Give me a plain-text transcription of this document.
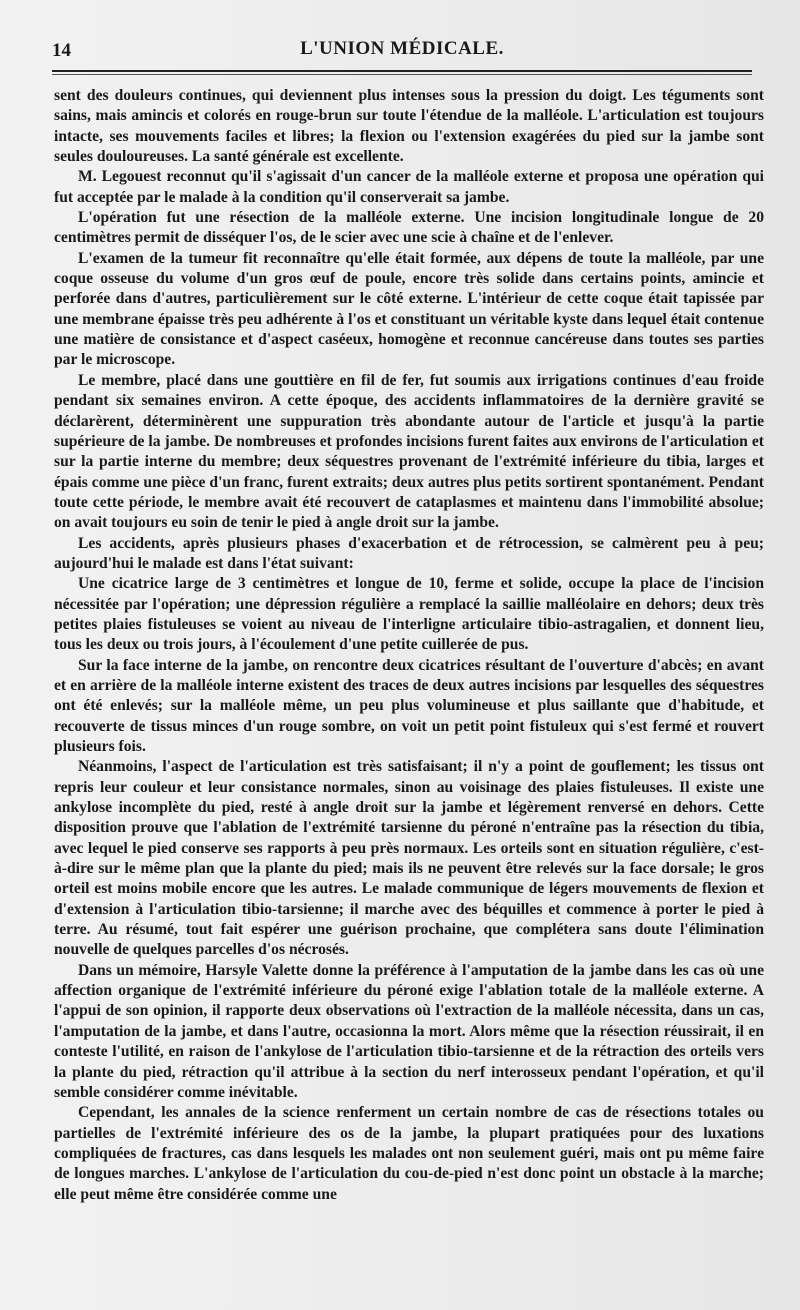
14	L'UNION MÉDICALE.

sent des douleurs continues, qui deviennent plus intenses sous la pression du doigt. Les téguments sont sains, mais amincis et colorés en rouge-brun sur toute l'étendue de la malléole. L'articulation est toujours intacte, ses mouvements faciles et libres; la flexion ou l'extension exagérées du pied sur la jambe sont seules douloureuses. La santé générale est excellente.

M. Legouest reconnut qu'il s'agissait d'un cancer de la malléole externe et proposa une opération qui fut acceptée par le malade à la condition qu'il conserverait sa jambe.

L'opération fut une résection de la malléole externe. Une incision longitudinale longue de 20 centimètres permit de disséquer l'os, de le scier avec une scie à chaîne et de l'enlever.

L'examen de la tumeur fit reconnaître qu'elle était formée, aux dépens de toute la malléole, par une coque osseuse du volume d'un gros œuf de poule, encore très solide dans certains points, amincie et perforée dans d'autres, particulièrement sur le côté externe. L'intérieur de cette coque était tapissée par une membrane épaisse très peu adhérente à l'os et constituant un véritable kyste dans lequel était contenue une matière de consistance et d'aspect caséeux, homogène et reconnue cancéreuse dans toutes ses parties par le microscope.

Le membre, placé dans une gouttière en fil de fer, fut soumis aux irrigations continues d'eau froide pendant six semaines environ. A cette époque, des accidents inflammatoires de la dernière gravité se déclarèrent, déterminèrent une suppuration très abondante autour de l'article et jusqu'à la partie supérieure de la jambe. De nombreuses et profondes incisions furent faites aux environs de l'articulation et sur la partie interne du membre; deux séquestres provenant de l'extrémité inférieure du tibia, larges et épais comme une pièce d'un franc, furent extraits; deux autres plus petits sortirent spontanément. Pendant toute cette période, le membre avait été recouvert de cataplasmes et maintenu dans l'immobilité absolue; on avait toujours eu soin de tenir le pied à angle droit sur la jambe.

Les accidents, après plusieurs phases d'exacerbation et de rétrocession, se calmèrent peu à peu; aujourd'hui le malade est dans l'état suivant:

Une cicatrice large de 3 centimètres et longue de 10, ferme et solide, occupe la place de l'incision nécessitée par l'opération; une dépression régulière a remplacé la saillie malléolaire en dehors; deux très petites plaies fistuleuses se voient au niveau de l'interligne articulaire tibio-astragalien, et donnent lieu, tous les deux ou trois jours, à l'écoulement d'une petite cuillerée de pus.

Sur la face interne de la jambe, on rencontre deux cicatrices résultant de l'ouverture d'abcès; en avant et en arrière de la malléole interne existent des traces de deux autres incisions par lesquelles des séquestres ont été enlevés; sur la malléole même, un peu plus volumineuse et plus saillante que d'habitude, et recouverte de tissus minces d'un rouge sombre, on voit un petit point fistuleux qui s'est fermé et rouvert plusieurs fois.

Néanmoins, l'aspect de l'articulation est très satisfaisant; il n'y a point de gouflement; les tissus ont repris leur couleur et leur consistance normales, sinon au voisinage des plaies fistuleuses. Il existe une ankylose incomplète du pied, resté à angle droit sur la jambe et légèrement renversé en dehors. Cette disposition prouve que l'ablation de l'extrémité tarsienne du péroné n'entraîne pas la résection du tibia, avec lequel le pied conserve ses rapports à peu près normaux. Les orteils sont en situation régulière, c'est-à-dire sur le même plan que la plante du pied; mais ils ne peuvent être relevés sur la face dorsale; le gros orteil est moins mobile encore que les autres. Le malade communique de légers mouvements de flexion et d'extension à l'articulation tibio-tarsienne; il marche avec des béquilles et commence à porter le pied à terre. Au résumé, tout fait espérer une guérison prochaine, que complétera sans doute l'élimination nouvelle de quelques parcelles d'os nécrosés.

Dans un mémoire, Harsyle Valette donne la préférence à l'amputation de la jambe dans les cas où une affection organique de l'extrémité inférieure du péroné exige l'ablation totale de la malléole externe. A l'appui de son opinion, il rapporte deux observations où l'extraction de la malléole nécessita, dans un cas, l'amputation de la jambe, et dans l'autre, occasionna la mort. Alors même que la résection réussirait, il en conteste l'utilité, en raison de l'ankylose de l'articulation tibio-tarsienne et de la rétraction des orteils vers la plante du pied, rétraction qu'il attribue à la section du nerf interosseux pendant l'opération, et qu'il semble considérer comme inévitable.

Cependant, les annales de la science renferment un certain nombre de cas de résections totales ou partielles de l'extrémité inférieure des os de la jambe, la plupart pratiquées pour des luxations compliquées de fractures, cas dans lesquels les malades ont non seulement guéri, mais ont pu même faire de longues marches. L'ankylose de l'articulation du cou-de-pied n'est donc point un obstacle à la marche; elle peut même être considérée comme une
